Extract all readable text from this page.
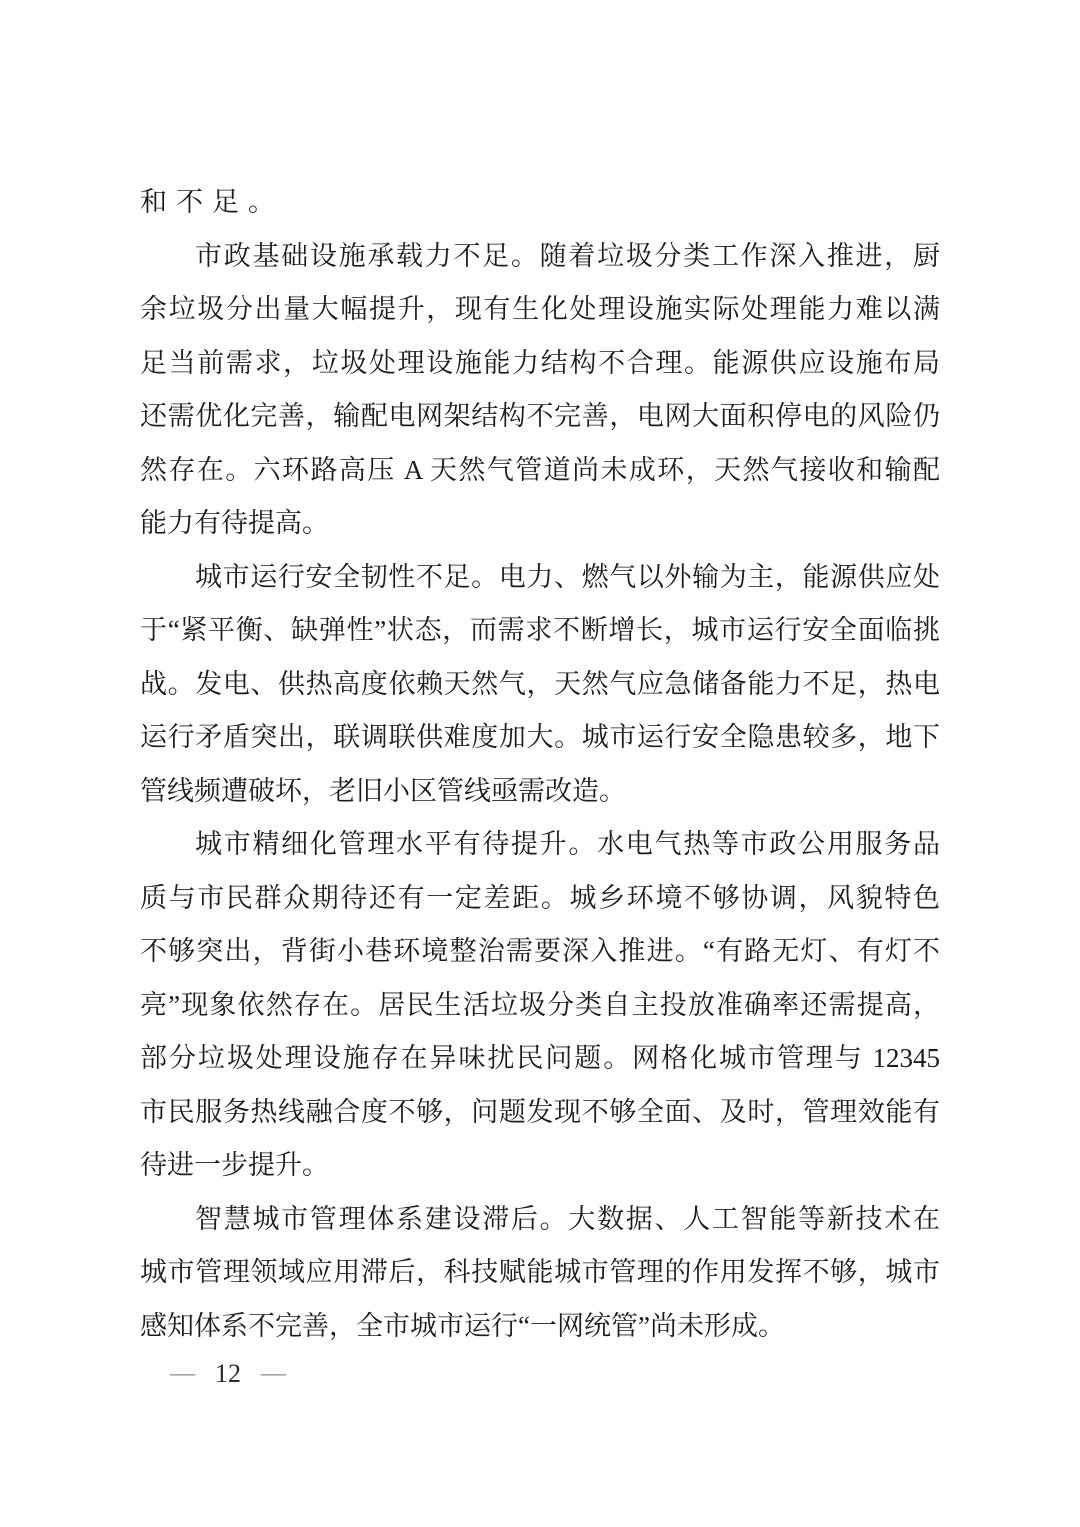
和不足。
市政基础设施承载力不足。随着垃圾分类工作深入推进，厨
余垃圾分出量大幅提升，现有生化处理设施实际处理能力难以满
足当前需求，垃圾处理设施能力结构不合理。能源供应设施布局
还需优化完善，输配电网架结构不完善，电网大面积停电的风险仍
然存在。六环路高压 A 天然气管道尚未成环，天然气接收和输配
能力有待提高。
城市运行安全韧性不足。电力、燃气以外输为主，能源供应处
于“紧平衡、缺弹性”状态，而需求不断增长，城市运行安全面临挑
战。发电、供热高度依赖天然气，天然气应急储备能力不足，热电
运行矛盾突出，联调联供难度加大。城市运行安全隐患较多，地下
管线频遭破坏，老旧小区管线亟需改造。
城市精细化管理水平有待提升。水电气热等市政公用服务品
质与市民群众期待还有一定差距。城乡环境不够协调，风貌特色
不够突出，背街小巷环境整治需要深入推进。“有路无灯、有灯不
亮”现象依然存在。居民生活垃圾分类自主投放准确率还需提高，
部分垃圾处理设施存在异味扰民问题。网格化城市管理与 12345
市民服务热线融合度不够，问题发现不够全面、及时，管理效能有
待进一步提升。
智慧城市管理体系建设滞后。大数据、人工智能等新技术在
城市管理领域应用滞后，科技赋能城市管理的作用发挥不够，城市
感知体系不完善，全市城市运行“一网统管”尚未形成。
— 12 —
